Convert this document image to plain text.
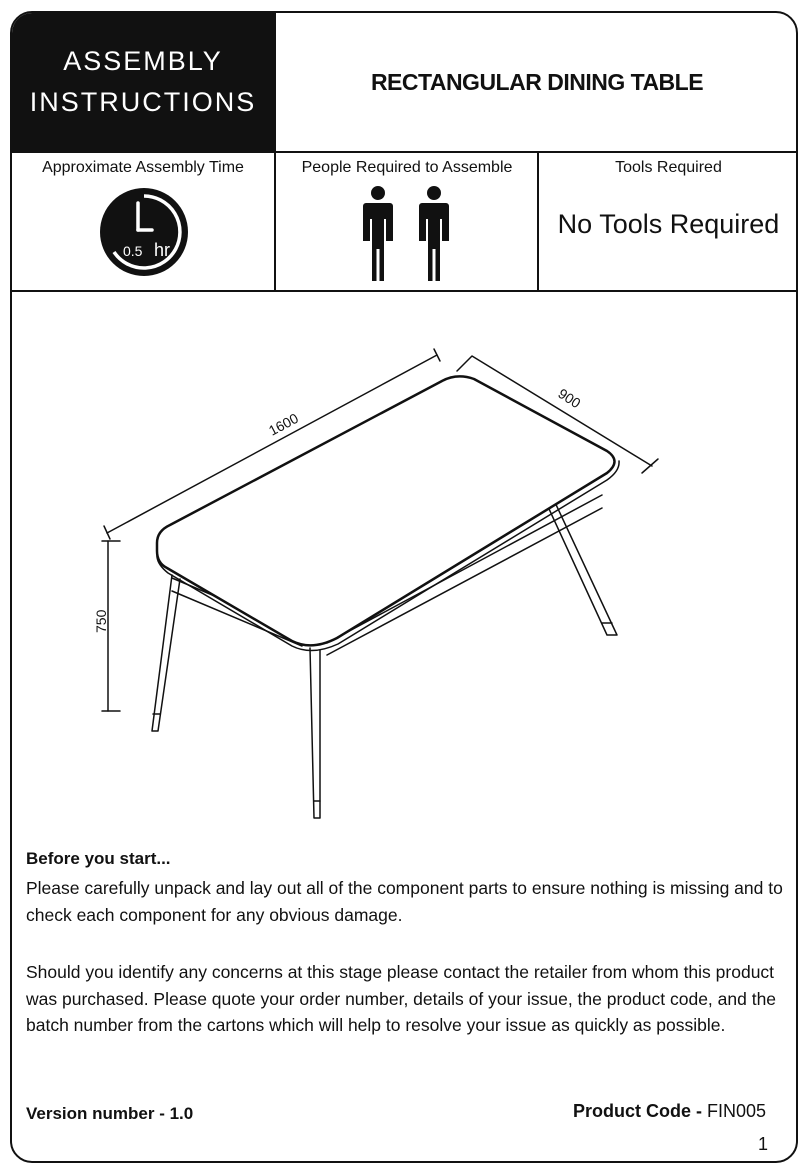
ASSEMBLY
INSTRUCTIONS
RECTANGULAR DINING TABLE
Approximate Assembly Time
0.5 hr
People Required to Assemble	Tools Required
No Tools Required
1600
900
750
Before you start...

Please carefully unpack and lay out all of the component parts to ensure nothing is missing and to check each component for any obvious damage.

Should you identify any concerns at this stage please contact the retailer from whom this product was purchased. Please quote your order number, details of your issue, the product code, and the batch number from the cartons which will help to resolve your issue as quickly as possible.

Version number - 1.0	Product Code - FIN005
1
